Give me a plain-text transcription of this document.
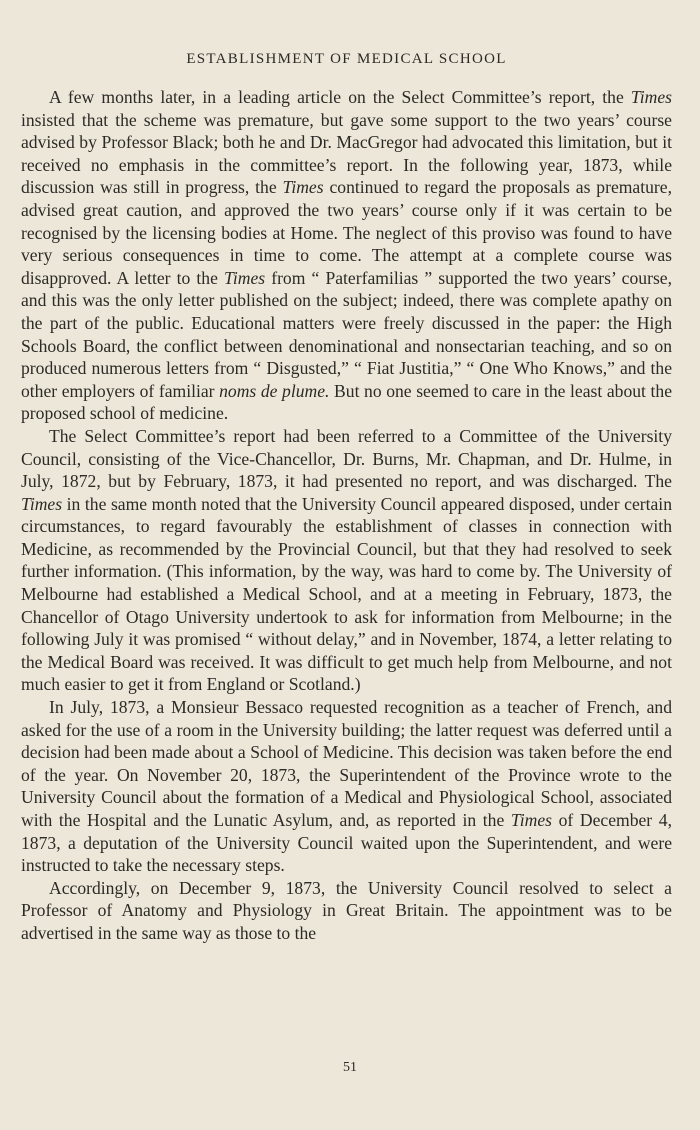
ESTABLISHMENT OF MEDICAL SCHOOL

A few months later, in a leading article on the Select Committee’s report, the Times insisted that the scheme was premature, but gave some support to the two years’ course advised by Professor Black; both he and Dr. MacGregor had advocated this limitation, but it received no emphasis in the committee’s report. In the following year, 1873, while discussion was still in progress, the Times continued to regard the proposals as premature, advised great caution, and approved the two years’ course only if it was certain to be recognised by the licensing bodies at Home. The neglect of this proviso was found to have very serious consequences in time to come. The attempt at a complete course was disapproved. A letter to the Times from “ Paterfamilias ” supported the two years’ course, and this was the only letter published on the subject; indeed, there was complete apathy on the part of the public. Educational matters were freely discussed in the paper: the High Schools Board, the conflict between denominational and nonsectarian teaching, and so on produced numerous letters from “ Disgusted,” “ Fiat Justitia,” “ One Who Knows,” and the other employers of familiar noms de plume. But no one seemed to care in the least about the proposed school of medicine.

The Select Committee’s report had been referred to a Committee of the University Council, consisting of the Vice-Chancellor, Dr. Burns, Mr. Chapman, and Dr. Hulme, in July, 1872, but by February, 1873, it had presented no report, and was discharged. The Times in the same month noted that the University Council appeared disposed, under certain circumstances, to regard favourably the establishment of classes in connection with Medicine, as recommended by the Provincial Council, but that they had resolved to seek further information. (This information, by the way, was hard to come by. The University of Melbourne had established a Medical School, and at a meeting in February, 1873, the Chancellor of Otago University undertook to ask for information from Melbourne; in the following July it was promised “ without delay,” and in November, 1874, a letter relating to the Medical Board was received. It was difficult to get much help from Melbourne, and not much easier to get it from England or Scotland.)

In July, 1873, a Monsieur Bessaco requested recognition as a teacher of French, and asked for the use of a room in the University building; the latter request was deferred until a decision had been made about a School of Medicine. This decision was taken before the end of the year. On November 20, 1873, the Superintendent of the Province wrote to the University Council about the formation of a Medical and Physiological School, associated with the Hospital and the Lunatic Asylum, and, as reported in the Times of December 4, 1873, a deputation of the University Council waited upon the Superintendent, and were instructed to take the necessary steps.

Accordingly, on December 9, 1873, the University Council resolved to select a Professor of Anatomy and Physiology in Great Britain. The appointment was to be advertised in the same way as those to the

51
